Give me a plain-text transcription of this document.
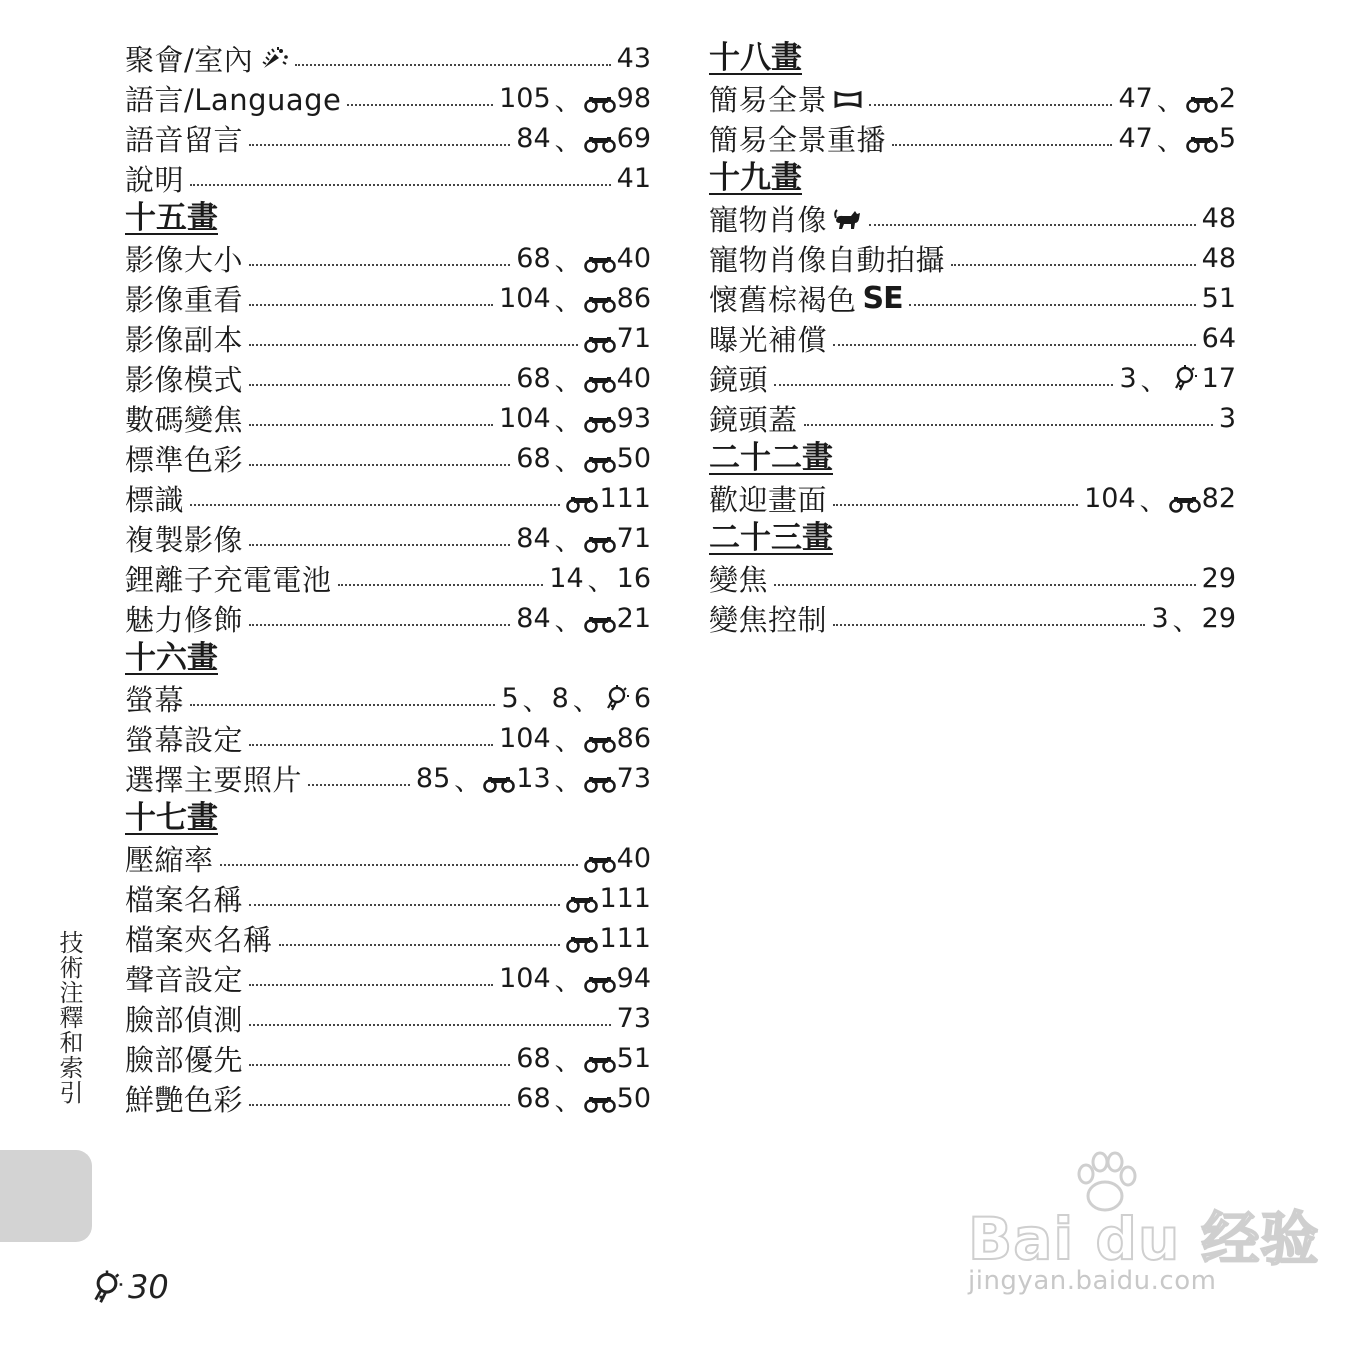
聚會/室內	43
語言/Language	105 、 98
語音留言	84 、 69
說明	41
十五畫
影像大小	68 、 40
影像重看	104 、 86
影像副本	71
影像模式	68 、 40
數碼變焦	104 、 93
標準色彩	68 、 50
標識	111
複製影像	84 、 71
鋰離子充電電池	14 、 16
魅力修飾	84 、 21
十六畫
螢幕	5 、 8 、 6
螢幕設定	104 、 86
選擇主要照片	85 、 13 、 73
十七畫
壓縮率	40
檔案名稱	111
檔案夾名稱	111
聲音設定	104 、 94
臉部偵測	73
臉部優先	68 、 51
鮮艷色彩	68 、 50
十八畫
簡易全景	47 、 2
簡易全景重播	47 、 5
十九畫
寵物肖像	48
寵物肖像自動拍攝	48
懷舊棕褐色 SE	51
曝光補償	64
鏡頭	3 、 17
鏡頭蓋	3
二十二畫
歡迎畫面	104 、 82
二十三畫
變焦	29
變焦控制	3 、 29
技術注釋和索引
30
Bai du 经验
jingyan.baidu.com
